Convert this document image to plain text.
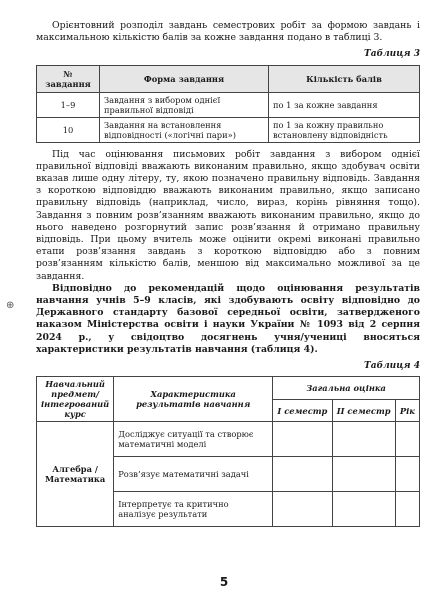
⊕

Орієнтовний розподіл завдань семестрових робіт за формою завдань і максимальною кількістю балів за кожне завдання подано в таблиці 3.

Таблиця 3
№ завдання	Форма завдання	Кількість балів
1–9	Завдання з вибором однієї правильної відповіді	по 1 за кожне завдання
10	Завдання на встановлення відповідності («логічні пари»)	по 1 за кожну правильно встановлену відповідність

Під час оцінювання письмових робіт завдання з вибором однієї правильної відповіді вважають виконаним правильно, якщо здобувач освіти вказав лише одну літеру, ту, якою позначено правильну відповідь. Завдання з короткою відповіддю вважають виконаним правильно, якщо записано правильну відповідь (наприклад, число, вираз, корінь рівняння тощо). Завдання з повним розв’язанням вважають виконаним правильно, якщо до нього наведено розгорнутий запис розв’язання й отримано правильну відповідь. При цьому вчитель може оцінити окремі виконані правильно етапи розв’язання завдань з короткою відповіддю або з повним розв’язанням кількістю балів, меншою від максимально можливої за це завдання.

Відповідно до рекомендацій щодо оцінювання результатів навчання учнів 5–9 класів, які здобувають освіту відповідно до Державного стандарту базової середньої освіти, затвердженого наказом Міністерства освіти і науки України № 1093 від 2 серпня 2024 р., у свідоцтво досягнень учня/учениці вносяться характеристики результатів навчання (таблиця 4).

Таблиця 4
Навчальний предмет/ інтегрований курс	Характеристика результатів навчання	Загальна оцінка		
		I семестр	II семестр	Рік
Алгебра / Математика	Досліджує ситуації та створює математичні моделі			
	Розв’язує математичні задачі			
	Інтерпретує та критично аналізує результати			
5
